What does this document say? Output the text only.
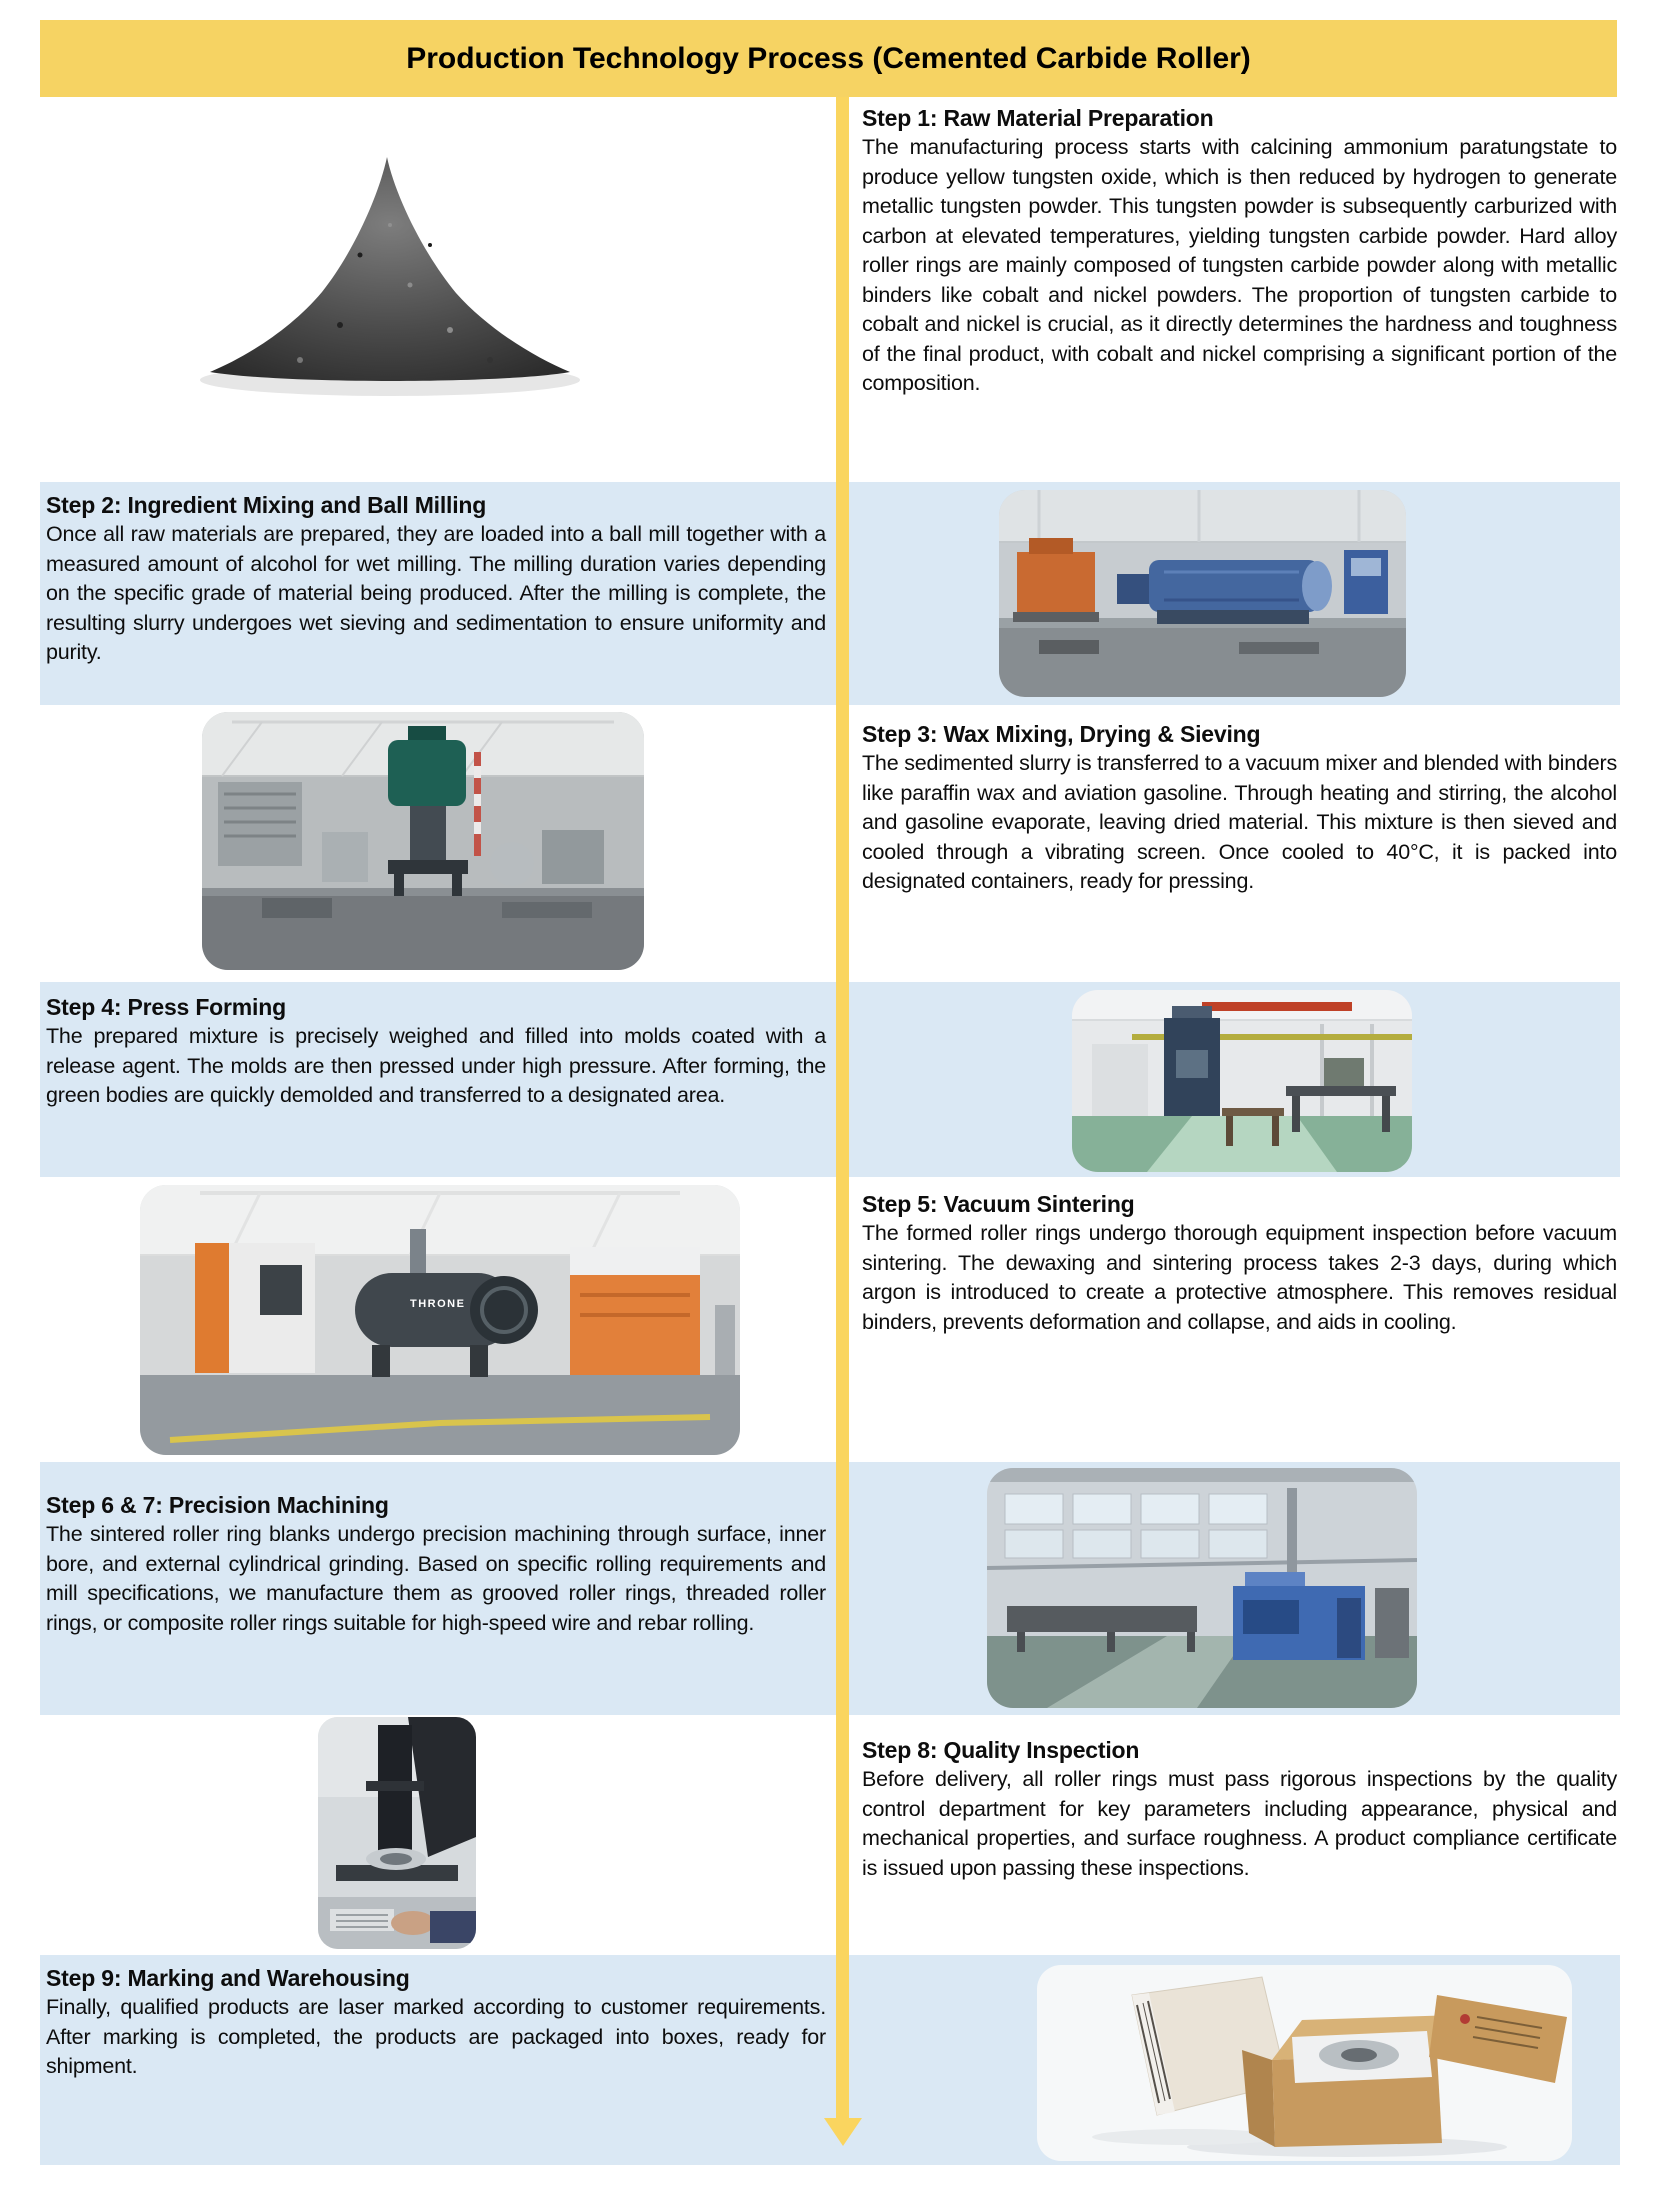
Production Technology Process (Cemented Carbide Roller)
Step 1: Raw Material Preparation
The manufacturing process starts with calcining ammonium paratungstate to produce yellow tungsten oxide, which is then reduced by hydrogen to generate metallic tungsten powder. This tungsten powder is subsequently carburized with carbon at elevated temperatures, yielding tungsten carbide powder. Hard alloy roller rings are mainly composed of tungsten carbide powder along with metallic binders like cobalt and nickel powders. The proportion of tungsten carbide to cobalt and nickel is crucial, as it directly determines the hardness and toughness of the final product, with cobalt and nickel comprising a significant portion of the composition.
Step 2: Ingredient Mixing and Ball Milling
Once all raw materials are prepared, they are loaded into a ball mill together with a measured amount of alcohol for wet milling. The milling duration varies depending on the specific grade of material being produced. After the milling is complete, the resulting slurry undergoes wet sieving and sedimentation to ensure uniformity and purity.
Step 3: Wax Mixing, Drying & Sieving
The sedimented slurry is transferred to a vacuum mixer and blended with binders like paraffin wax and aviation gasoline. Through heating and stirring, the alcohol and gasoline evaporate, leaving dried material. This mixture is then sieved and cooled through a vibrating screen. Once cooled to 40°C, it is packed into designated containers, ready for pressing.
Step 4: Press Forming
The prepared mixture is precisely weighed and filled into molds coated with a release agent. The molds are then pressed under high pressure. After forming, the green bodies are quickly demolded and transferred to a designated area.
THRONE
Step 5: Vacuum Sintering
The formed roller rings undergo thorough equipment inspection before vacuum sintering. The dewaxing and sintering process takes 2-3 days, during which argon is introduced to create a protective atmosphere. This removes residual binders, prevents deformation and collapse, and aids in cooling.
Step 6 & 7: Precision Machining
The sintered roller ring blanks undergo precision machining through surface, inner bore, and external cylindrical grinding. Based on specific rolling requirements and mill specifications, we manufacture them as grooved roller rings, threaded roller rings, or composite roller rings suitable for high-speed wire and rebar rolling.
Step 8: Quality Inspection
Before delivery, all roller rings must pass rigorous inspections by the quality control department for key parameters including appearance, physical and mechanical properties, and surface roughness. A product compliance certificate is issued upon passing these inspections.
Step 9: Marking and Warehousing
Finally, qualified products are laser marked according to customer requirements. After marking is completed, the products are packaged into boxes, ready for shipment.
